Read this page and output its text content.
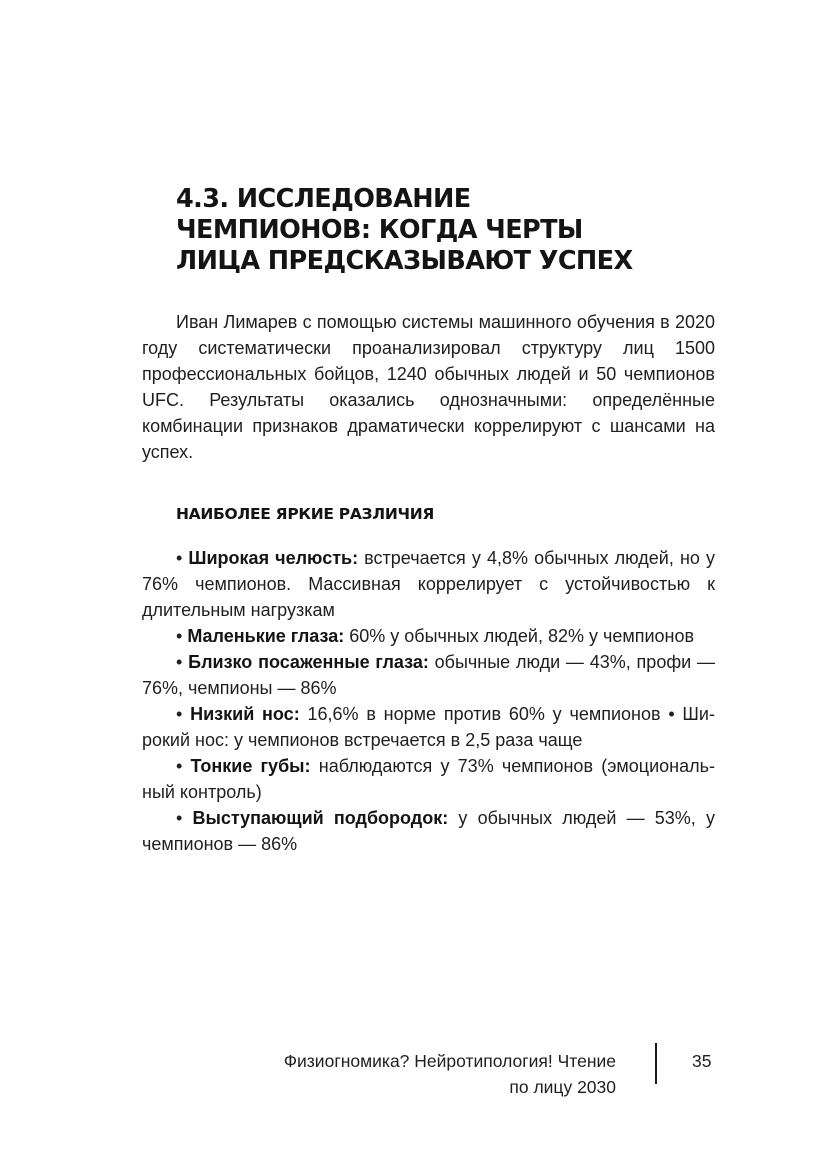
4.3. ИССЛЕДОВАНИЕ
ЧЕМПИОНОВ: КОГДА ЧЕРТЫ
ЛИЦА ПРЕДСКАЗЫВАЮТ УСПЕХ

Иван Лимарев с помощью системы машинного обучения в 2020 году систематически проанализировал структуру лиц 1500 профессиональных бойцов, 1240 обычных людей и 50 чемпионов UFC. Результаты оказались однозначными: определённые комбинации признаков драматически коррелируют с шансами на успех.

НАИБОЛЕЕ ЯРКИЕ РАЗЛИЧИЯ
• Широкая челюсть: встречается у 4,8% обычных людей, но у 76% чемпионов. Массивная коррелирует с устойчивостью к длительным нагрузкам
• Маленькие глаза: 60% у обычных людей, 82% у чемпионов
• Близко посаженные глаза: обычные люди — 43%, профи — 76%, чемпионы — 86%
• Низкий нос: 16,6% в норме против 60% у чемпионов • Широкий нос: у чемпионов встречается в 2,5 раза чаще
• Тонкие губы: наблюдаются у 73% чемпионов (эмоциональный контроль)
• Выступающий подбородок: у обычных людей — 53%, у чемпионов — 86%
Физиогномика? Нейротипология! Чтение
по лицу 2030

35
